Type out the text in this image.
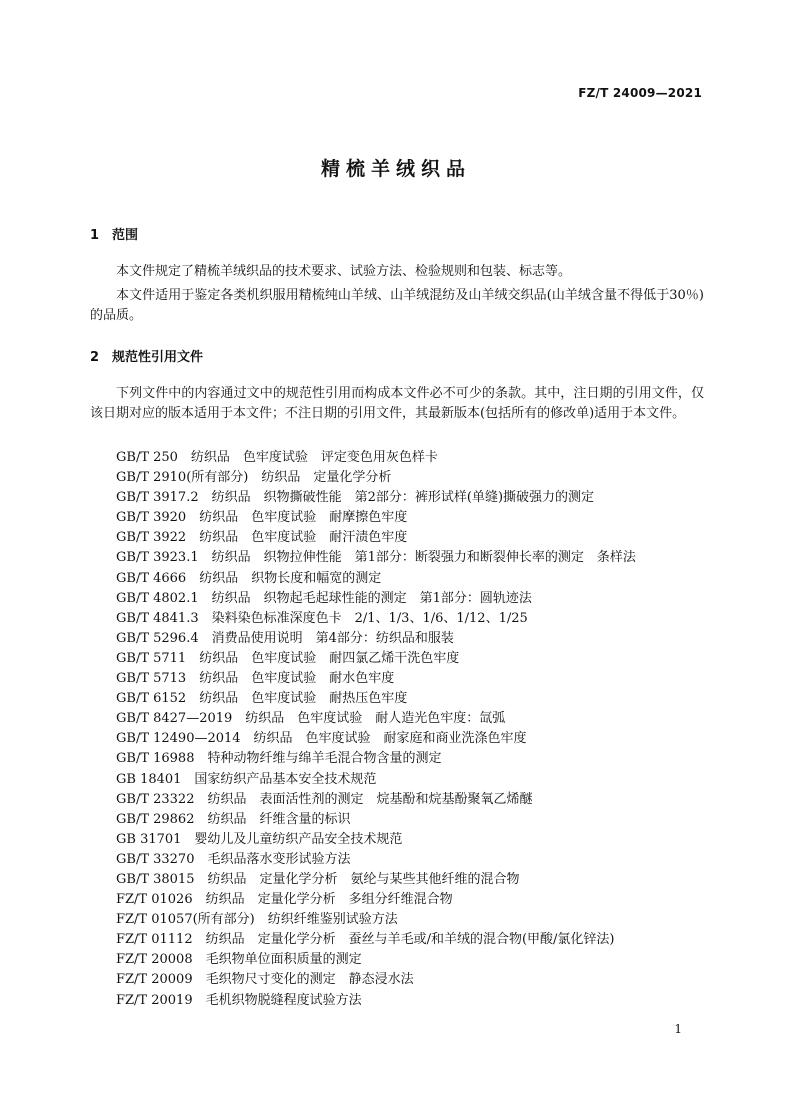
FZ/T 24009—2021
精梳羊绒织品
1 范围

本文件规定了精梳羊绒织品的技术要求、试验方法、检验规则和包装、标志等。

本文件适用于鉴定各类机织服用精梳纯山羊绒、山羊绒混纺及山羊绒交织品(山羊绒含量不得低于30％)的品质。

2 规范性引用文件

下列文件中的内容通过文中的规范性引用而构成本文件必不可少的条款。其中，注日期的引用文件，仅该日期对应的版本适用于本文件；不注日期的引用文件，其最新版本(包括所有的修改单)适用于本文件。

GB/T 250　纺织品　色牢度试验　评定变色用灰色样卡
GB/T 2910(所有部分)　纺织品　定量化学分析
GB/T 3917.2　纺织品　织物撕破性能　第2部分：裤形试样(单缝)撕破强力的测定
GB/T 3920　纺织品　色牢度试验　耐摩擦色牢度
GB/T 3922　纺织品　色牢度试验　耐汗渍色牢度
GB/T 3923.1　纺织品　织物拉伸性能　第1部分：断裂强力和断裂伸长率的测定　条样法
GB/T 4666　纺织品　织物长度和幅宽的测定
GB/T 4802.1　纺织品　织物起毛起球性能的测定　第1部分：圆轨迹法
GB/T 4841.3　染料染色标准深度色卡　2/1、1/3、1/6、1/12、1/25
GB/T 5296.4　消费品使用说明　第4部分：纺织品和服装
GB/T 5711　纺织品　色牢度试验　耐四氯乙烯干洗色牢度
GB/T 5713　纺织品　色牢度试验　耐水色牢度
GB/T 6152　纺织品　色牢度试验　耐热压色牢度
GB/T 8427—2019　纺织品　色牢度试验　耐人造光色牢度：氙弧
GB/T 12490—2014　纺织品　色牢度试验　耐家庭和商业洗涤色牢度
GB/T 16988　特种动物纤维与绵羊毛混合物含量的测定
GB 18401　国家纺织产品基本安全技术规范
GB/T 23322　纺织品　表面活性剂的测定　烷基酚和烷基酚聚氧乙烯醚
GB/T 29862　纺织品　纤维含量的标识
GB 31701　婴幼儿及儿童纺织产品安全技术规范
GB/T 33270　毛织品落水变形试验方法
GB/T 38015　纺织品　定量化学分析　氨纶与某些其他纤维的混合物
FZ/T 01026　纺织品　定量化学分析　多组分纤维混合物
FZ/T 01057(所有部分)　纺织纤维鉴别试验方法
FZ/T 01112　纺织品　定量化学分析　蚕丝与羊毛或/和羊绒的混合物(甲酸/氯化锌法)
FZ/T 20008　毛织物单位面积质量的测定
FZ/T 20009　毛织物尺寸变化的测定　静态浸水法
FZ/T 20019　毛机织物脱缝程度试验方法
1
